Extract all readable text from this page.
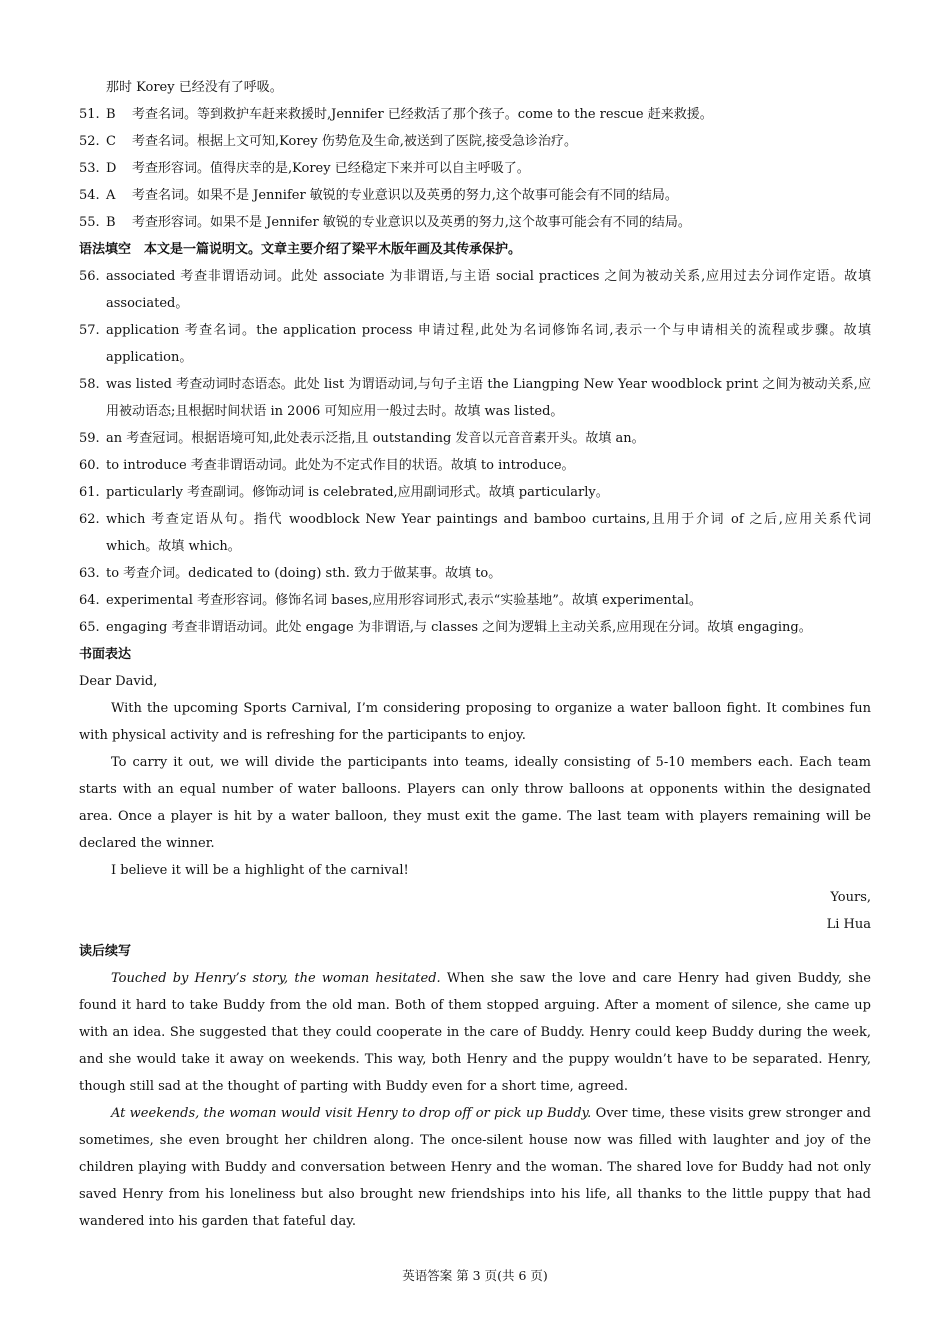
那时 Korey 已经没有了呼吸。
51. B	考查名词。等到救护车赶来救援时,Jennifer 已经救活了那个孩子。come to the rescue 赶来救援。
52. C	考查名词。根据上文可知,Korey 伤势危及生命,被送到了医院,接受急诊治疗。
53. D	考查形容词。值得庆幸的是,Korey 已经稳定下来并可以自主呼吸了。
54. A	考查名词。如果不是 Jennifer 敏锐的专业意识以及英勇的努力,这个故事可能会有不同的结局。
55. B	考查形容词。如果不是 Jennifer 敏锐的专业意识以及英勇的努力,这个故事可能会有不同的结局。
语法填空　本文是一篇说明文。文章主要介绍了梁平木版年画及其传承保护。
56. associated 考查非谓语动词。此处 associate 为非谓语,与主语 social practices 之间为被动关系,应用过去分词作定语。故填 associated。
57. application 考查名词。the application process 申请过程,此处为名词修饰名词,表示一个与申请相关的流程或步骤。故填 application。
58. was listed 考查动词时态语态。此处 list 为谓语动词,与句子主语 the Liangping New Year woodblock print 之间为被动关系,应用被动语态;且根据时间状语 in 2006 可知应用一般过去时。故填 was listed。
59. an 考查冠词。根据语境可知,此处表示泛指,且 outstanding 发音以元音音素开头。故填 an。
60. to introduce 考查非谓语动词。此处为不定式作目的状语。故填 to introduce。
61. particularly 考查副词。修饰动词 is celebrated,应用副词形式。故填 particularly。
62. which 考查定语从句。指代 woodblock New Year paintings and bamboo curtains,且用于介词 of 之后,应用关系代词 which。故填 which。
63. to 考查介词。dedicated to (doing) sth. 致力于做某事。故填 to。
64. experimental 考查形容词。修饰名词 bases,应用形容词形式,表示“实验基地”。故填 experimental。
65. engaging 考查非谓语动词。此处 engage 为非谓语,与 classes 之间为逻辑上主动关系,应用现在分词。故填 engaging。
书面表达
Dear David,
With the upcoming Sports Carnival, I’m considering proposing to organize a water balloon fight. It combines fun with physical activity and is refreshing for the participants to enjoy.
To carry it out, we will divide the participants into teams, ideally consisting of 5-10 members each. Each team starts with an equal number of water balloons. Players can only throw balloons at opponents within the designated area. Once a player is hit by a water balloon, they must exit the game. The last team with players remaining will be declared the winner.
I believe it will be a highlight of the carnival!
Yours,
Li Hua
读后续写
Touched by Henry’s story, the woman hesitated. When she saw the love and care Henry had given Buddy, she found it hard to take Buddy from the old man. Both of them stopped arguing. After a moment of silence, she came up with an idea. She suggested that they could cooperate in the care of Buddy. Henry could keep Buddy during the week, and she would take it away on weekends. This way, both Henry and the puppy wouldn’t have to be separated. Henry, though still sad at the thought of parting with Buddy even for a short time, agreed.
At weekends, the woman would visit Henry to drop off or pick up Buddy. Over time, these visits grew stronger and sometimes, she even brought her children along. The once-silent house now was filled with laughter and joy of the children playing with Buddy and conversation between Henry and the woman. The shared love for Buddy had not only saved Henry from his loneliness but also brought new friendships into his life, all thanks to the little puppy that had wandered into his garden that fateful day.
英语答案 第 3 页(共 6 页)
